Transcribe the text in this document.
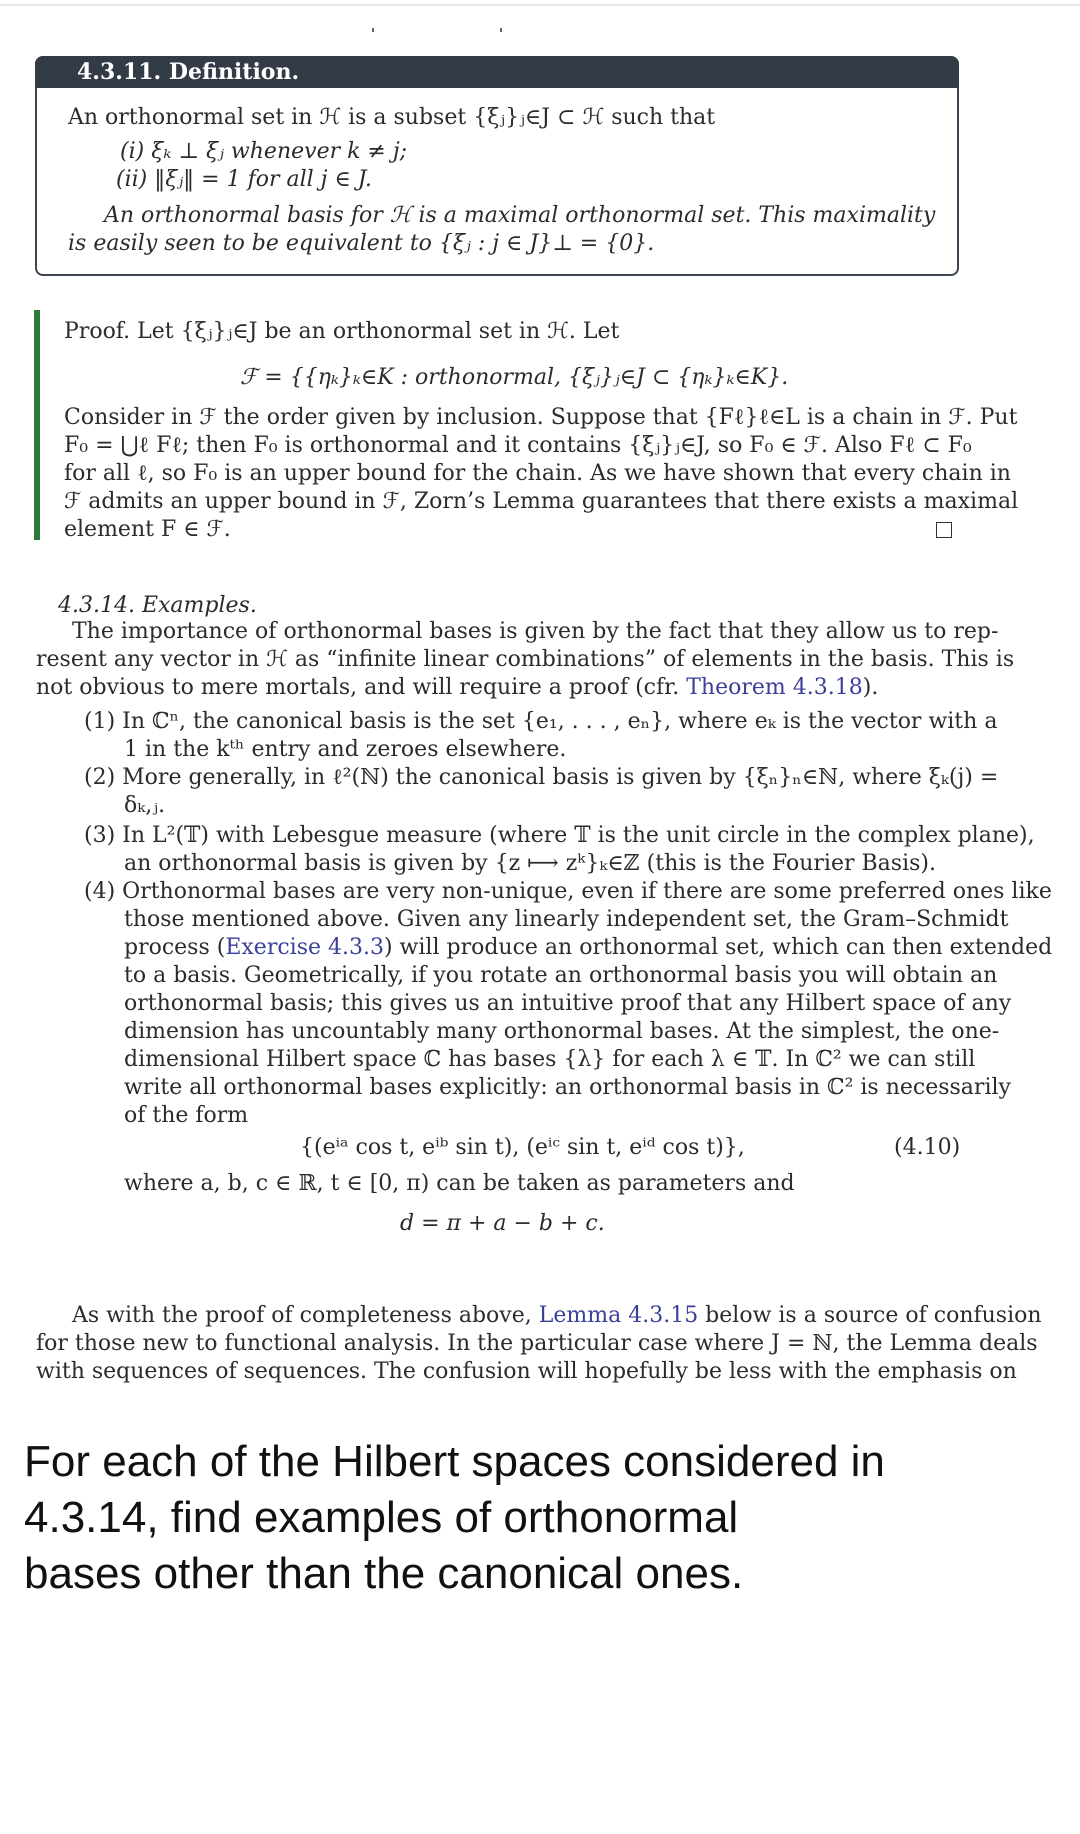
4.3.11. Definition.
An orthonormal set in ℋ is a subset {ξⱼ}ⱼ∈J ⊂ ℋ such that
(i) ξₖ ⊥ ξⱼ whenever k ≠ j;
(ii) ‖ξⱼ‖ = 1 for all j ∈ J.
An orthonormal basis for ℋ is a maximal orthonormal set. This maximality
is easily seen to be equivalent to {ξⱼ : j ∈ J}⊥ = {0}.
Proof. Let {ξⱼ}ⱼ∈J be an orthonormal set in ℋ. Let
ℱ = {{ηₖ}ₖ∈K : orthonormal, {ξⱼ}ⱼ∈J ⊂ {ηₖ}ₖ∈K}.
Consider in ℱ the order given by inclusion. Suppose that {Fℓ}ℓ∈L is a chain in ℱ. Put
F₀ = ⋃ℓ Fℓ; then F₀ is orthonormal and it contains {ξⱼ}ⱼ∈J, so F₀ ∈ ℱ. Also Fℓ ⊂ F₀
for all ℓ, so F₀ is an upper bound for the chain. As we have shown that every chain in
ℱ admits an upper bound in ℱ, Zorn’s Lemma guarantees that there exists a maximal
element F ∈ ℱ.
4.3.14. Examples.
The importance of orthonormal bases is given by the fact that they allow us to rep-
resent any vector in ℋ as “infinite linear combinations” of elements in the basis. This is
not obvious to mere mortals, and will require a proof (cfr. Theorem 4.3.18).
(1) In ℂⁿ, the canonical basis is the set {e₁, . . . , eₙ}, where eₖ is the vector with a
1 in the kᵗʰ entry and zeroes elsewhere.
(2) More generally, in ℓ²(ℕ) the canonical basis is given by {ξₙ}ₙ∈ℕ, where ξₖ(j) =
δₖ,ⱼ.
(3) In L²(𝕋) with Lebesgue measure (where 𝕋 is the unit circle in the complex plane),
an orthonormal basis is given by {z ⟼ zᵏ}ₖ∈ℤ (this is the Fourier Basis).
(4) Orthonormal bases are very non-unique, even if there are some preferred ones like
those mentioned above. Given any linearly independent set, the Gram–Schmidt
process (Exercise 4.3.3) will produce an orthonormal set, which can then extended
to a basis. Geometrically, if you rotate an orthonormal basis you will obtain an
orthonormal basis; this gives us an intuitive proof that any Hilbert space of any
dimension has uncountably many orthonormal bases. At the simplest, the one-
dimensional Hilbert space ℂ has bases {λ} for each λ ∈ 𝕋. In ℂ² we can still
write all orthonormal bases explicitly: an orthonormal basis in ℂ² is necessarily
of the form
{(eⁱᵃ cos t, eⁱᵇ sin t), (eⁱᶜ sin t, eⁱᵈ cos t)},	(4.10)
where a, b, c ∈ ℝ, t ∈ [0, π) can be taken as parameters and
d = π + a − b + c.
As with the proof of completeness above, Lemma 4.3.15 below is a source of confusion
for those new to functional analysis. In the particular case where J = ℕ, the Lemma deals
with sequences of sequences. The confusion will hopefully be less with the emphasis on
For each of the Hilbert spaces considered in
4.3.14, find examples of orthonormal
bases other than the canonical ones.
